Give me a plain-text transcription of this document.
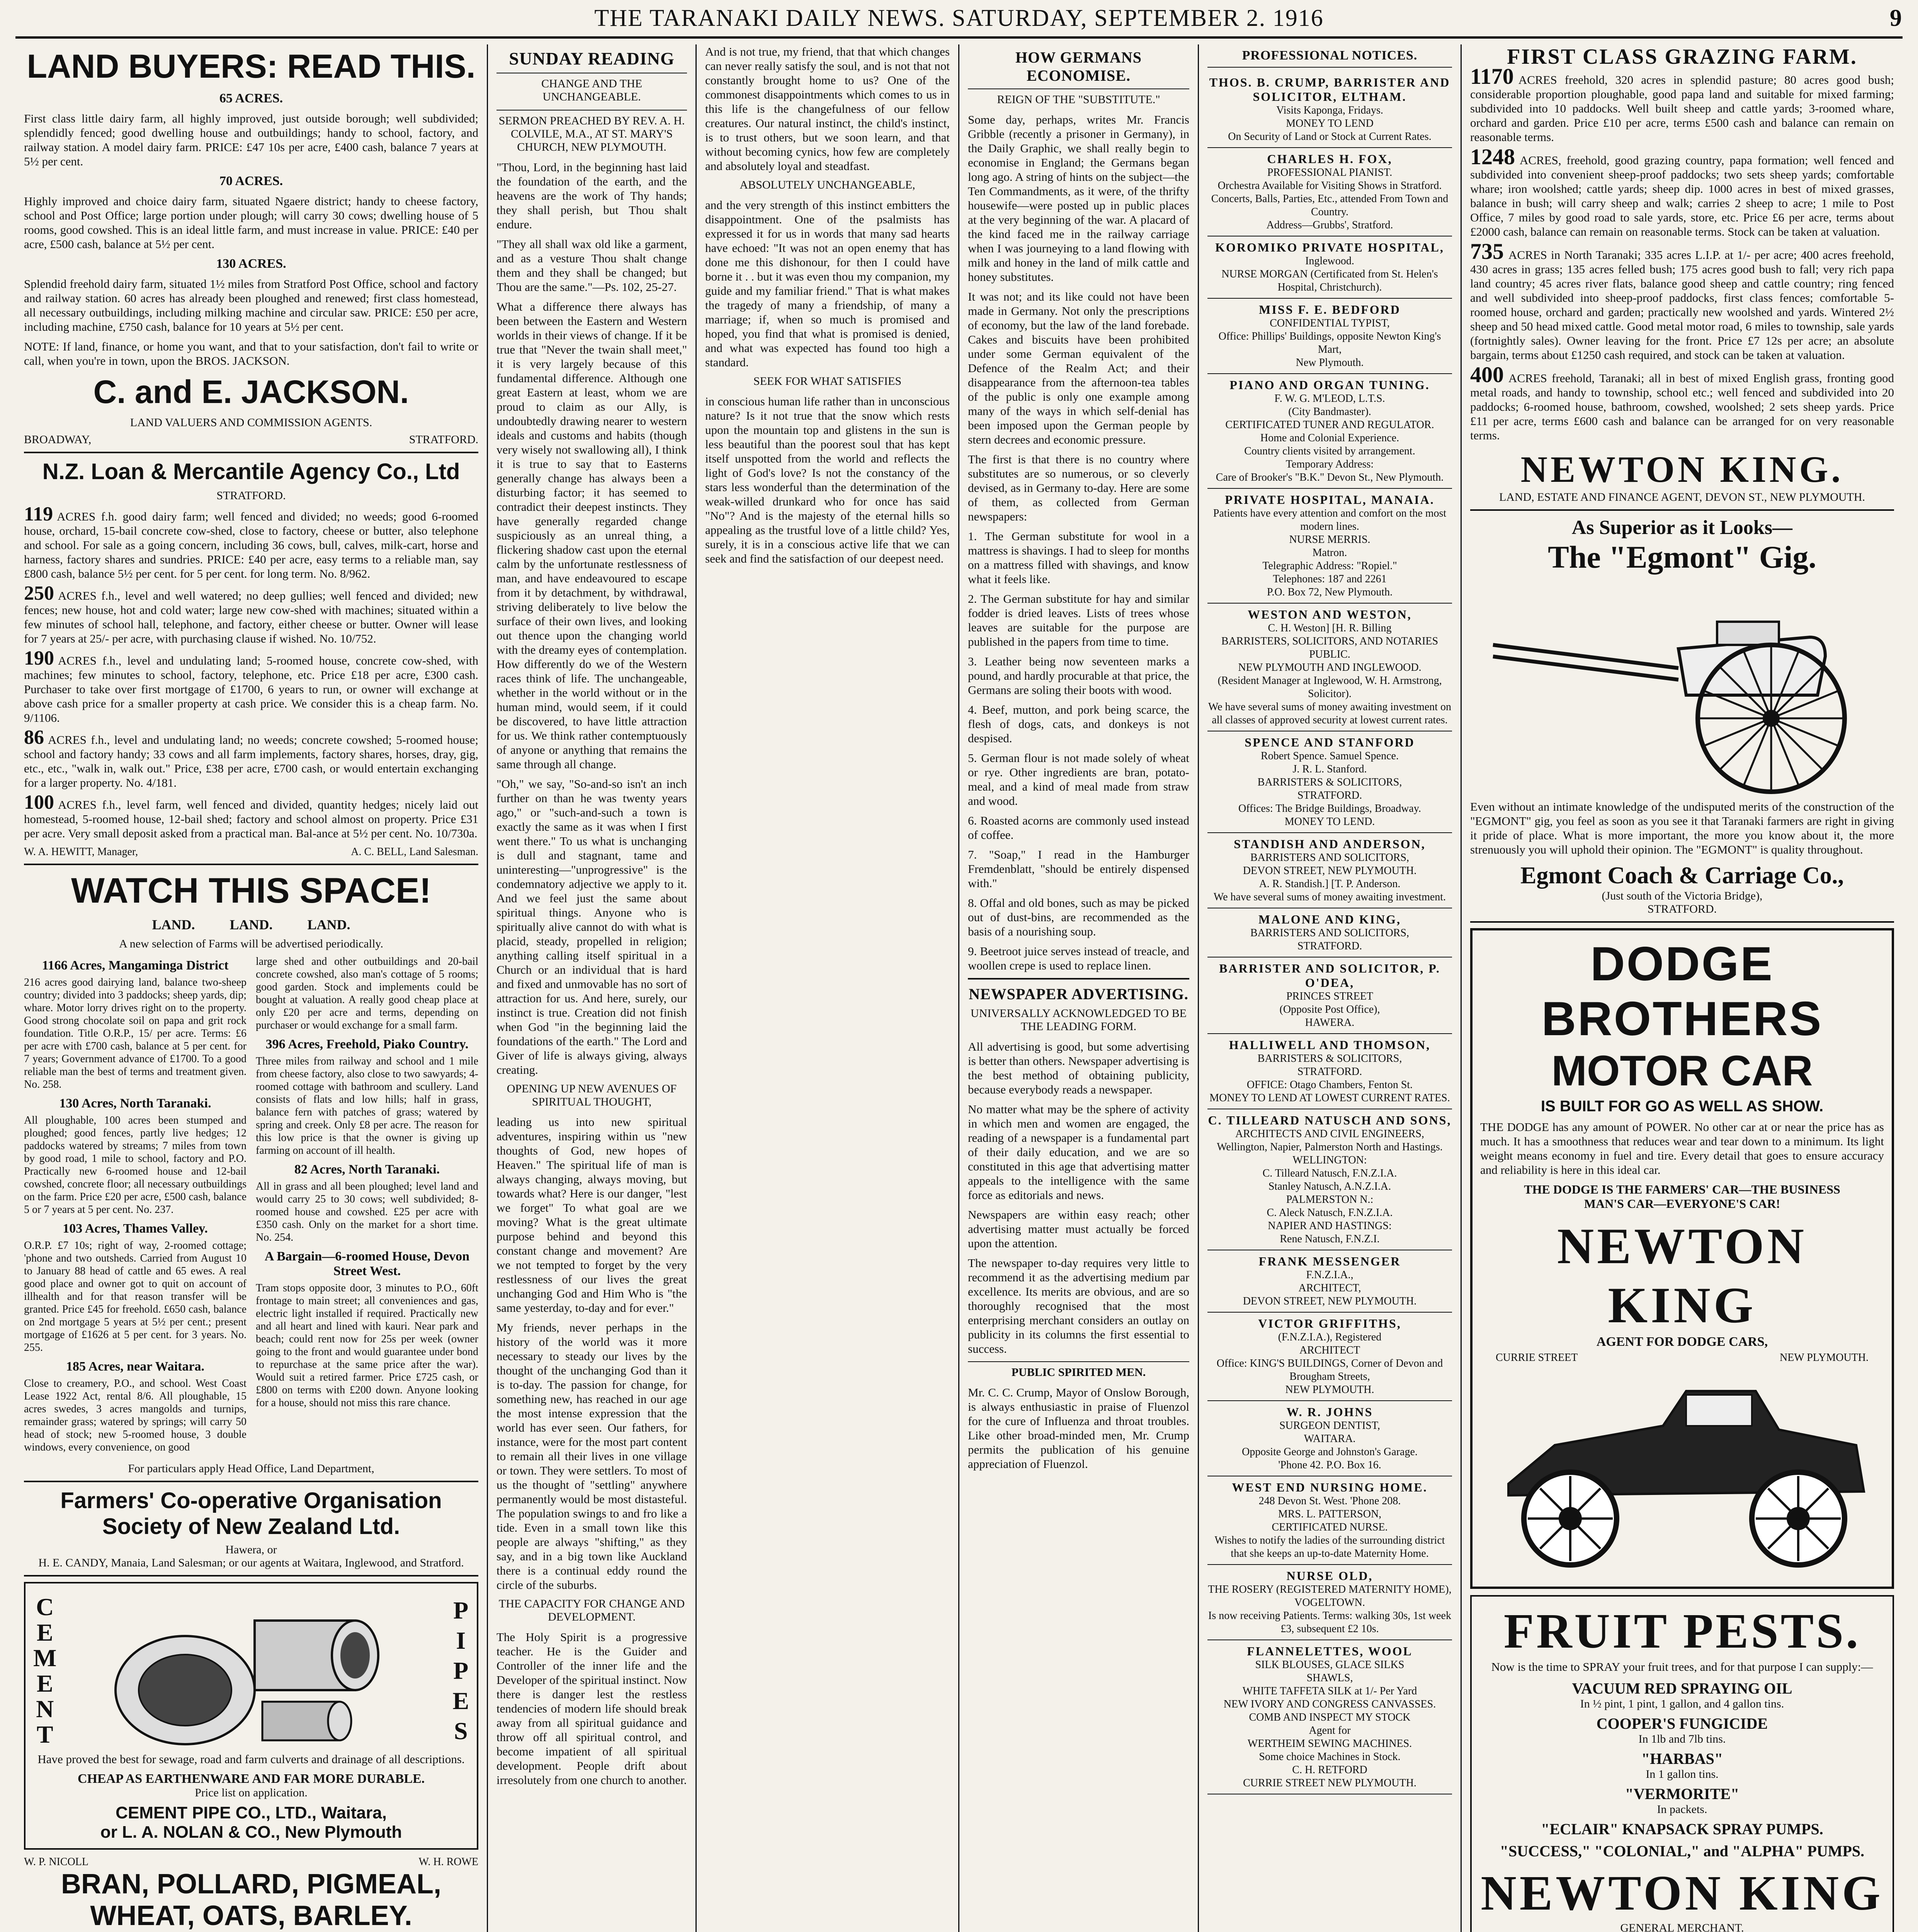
THE TARANAKI DAILY NEWS. SATURDAY, SEPTEMBER 2. 1916	9
LAND BUYERS: READ THIS.
65 ACRES.

First class little dairy farm, all highly improved, just outside borough; well subdivided; splendidly fenced; good dwelling house and outbuildings; handy to school, factory, and railway station. A model dairy farm. PRICE: £47 10s per acre, £400 cash, balance 7 years at 5½ per cent.

70 ACRES.

Highly improved and choice dairy farm, situated Ngaere district; handy to cheese factory, school and Post Office; large portion under plough; will carry 30 cows; dwelling house of 5 rooms, good cowshed. This is an ideal little farm, and must increase in value. PRICE: £40 per acre, £500 cash, balance at 5½ per cent.

130 ACRES.

Splendid freehold dairy farm, situated 1½ miles from Stratford Post Office, school and factory and railway station. 60 acres has already been ploughed and renewed; first class homestead, all necessary outbuildings, including milking machine and circular saw. PRICE: £50 per acre, including machine, £750 cash, balance for 10 years at 5½ per cent.

NOTE: If land, finance, or home you want, and that to your satisfaction, don't fail to write or call, when you're in town, upon the BROS. JACKSON.

C. and E. JACKSON.
LAND VALUERS AND COMMISSION AGENTS.
BROADWAY,	STRATFORD.
N.Z. Loan & Mercantile Agency Co., Ltd
STRATFORD.

119 ACRES f.h. good dairy farm; well fenced and divided; no weeds; good 6-roomed house, orchard, 15-bail concrete cow-shed, close to factory, cheese or butter, also telephone and school. For sale as a going concern, including 36 cows, bull, calves, milk-cart, horse and harness, factory shares and sundries. PRICE: £40 per acre, easy terms to a reliable man, say £800 cash, balance 5½ per cent. for 5 per cent. for long term. No. 8/962.

250 ACRES f.h., level and well watered; no deep gullies; well fenced and divided; new fences; new house, hot and cold water; large new cow-shed with machines; situated within a few minutes of school hall, telephone, and factory, either cheese or butter. Owner will lease for 7 years at 25/- per acre, with purchasing clause if wished. No. 10/752.

190 ACRES f.h., level and undulating land; 5-roomed house, concrete cow-shed, with machines; few minutes to school, factory, telephone, etc. Price £18 per acre, £300 cash. Purchaser to take over first mortgage of £1700, 6 years to run, or owner will exchange at above cash price for a smaller property at cash price. We consider this is a cheap farm. No. 9/1106.

86 ACRES f.h., level and undulating land; no weeds; concrete cowshed; 5-roomed house; school and factory handy; 33 cows and all farm implements, factory shares, horses, dray, gig, etc., etc., "walk in, walk out." Price, £38 per acre, £700 cash, or would entertain exchanging for a larger property. No. 4/181.

100 ACRES f.h., level farm, well fenced and divided, quantity hedges; nicely laid out homestead, 5-roomed house, 12-bail shed; factory and school almost on property. Price £31 per acre. Very small deposit asked from a practical man. Bal-ance at 5½ per cent. No. 10/730a.

W. A. HEWITT, Manager,	A. C. BELL, Land Salesman.
WATCH THIS SPACE!
LAND.          LAND.          LAND.
A new selection of Farms will be advertised periodically.
1166 Acres, Mangaminga District

216 acres good dairying land, balance two-sheep country; divided into 3 paddocks; sheep yards, dip; whare. Motor lorry drives right on to the property. Good strong chocolate soil on papa and grit rock foundation. Title O.R.P., 15/ per acre. Terms: £6 per acre with £700 cash, balance at 5 per cent. for 7 years; Government advance of £1700. To a good reliable man the best of terms and treatment given. No. 258.

130 Acres, North Taranaki.

All ploughable, 100 acres been stumped and ploughed; good fences, partly live hedges; 12 paddocks watered by streams; 7 miles from town by good road, 1 mile to school, factory and P.O. Practically new 6-roomed house and 12-bail cowshed, concrete floor; all necessary outbuildings on the farm. Price £20 per acre, £500 cash, balance 5 or 7 years at 5 per cent. No. 237.

103 Acres, Thames Valley.

O.R.P. £7 10s; right of way, 2-roomed cottage; 'phone and two outsheds. Carried from August 10 to January 88 head of cattle and 65 ewes. A real good place and owner got to quit on account of illhealth and for that reason transfer will be granted. Price £45 for freehold. £650 cash, balance on 2nd mortgage 5 years at 5½ per cent.; present mortgage of £1626 at 5 per cent. for 3 years. No. 255.

185 Acres, near Waitara.

Close to creamery, P.O., and school. West Coast Lease 1922 Act, rental 8/6. All ploughable, 15 acres swedes, 3 acres mangolds and turnips, remainder grass; watered by springs; will carry 50 head of stock; new 5-roomed house, 3 double windows, every convenience, on good

large shed and other outbuildings and 20-bail concrete cowshed, also man's cottage of 5 rooms; good garden. Stock and implements could be bought at valuation. A really good cheap place at only £20 per acre and terms, depending on purchaser or would exchange for a small farm.

396 Acres, Freehold, Piako Country.

Three miles from railway and school and 1 mile from cheese factory, also close to two sawyards; 4-roomed cottage with bathroom and scullery. Land consists of flats and low hills; half in grass, balance fern with patches of grass; watered by spring and creek. Only £8 per acre. The reason for this low price is that the owner is giving up farming on account of ill health.

82 Acres, North Taranaki.

All in grass and all been ploughed; level land and would carry 25 to 30 cows; well subdivided; 8-roomed house and cowshed. £25 per acre with £350 cash. Only on the market for a short time. No. 254.

A Bargain—6-roomed House, Devon Street West.

Tram stops opposite door, 3 minutes to P.O., 60ft frontage to main street; all conveniences and gas, electric light installed if required. Practically new and all heart and lined with kauri. Near park and beach; could rent now for 25s per week (owner going to the front and would guarantee under bond to repurchase at the same price after the war). Would suit a retired farmer. Price £725 cash, or £800 on terms with £200 down. Anyone looking for a house, should not miss this rare chance.

For particulars apply Head Office, Land Department,
Farmers' Co-operative Organisation
Society of New Zealand Ltd.
Hawera, or
H. E. CANDY, Manaia, Land Salesman; or our agents at Waitara, Inglewood, and Stratford.
C
E
M
E
N
T
P
I
P
E
S

Have proved the best for sewage, road and farm culverts and drainage of all descriptions.

CHEAP AS EARTHENWARE AND FAR MORE DURABLE.
Price list on application.
CEMENT PIPE CO., LTD., Waitara,
or L. A. NOLAN & CO., New Plymouth
W. P. NICOLL	W. H. ROWE
BRAN, POLLARD, PIGMEAL,
WHEAT, OATS, BARLEY.
SUNDAY READING
CHANGE AND THE UNCHANGEABLE.
SERMON PREACHED BY REV. A. H. COLVILE, M.A., AT ST. MARY'S CHURCH, NEW PLYMOUTH.

"Thou, Lord, in the beginning hast laid the foundation of the earth, and the heavens are the work of Thy hands; they shall perish, but Thou shalt endure.

"They all shall wax old like a garment, and as a vesture Thou shalt change them and they shall be changed; but Thou are the same."—Ps. 102, 25-27.

What a difference there always has been between the Eastern and Western worlds in their views of change. If it be true that "Never the twain shall meet," it is very largely because of this fundamental difference. Although one great Eastern at least, whom we are proud to claim as our Ally, is undoubtedly drawing nearer to western ideals and customs and habits (though very wisely not swallowing all), I think it is true to say that to Easterns generally change has always been a disturbing factor; it has seemed to contradict their deepest instincts. They have generally regarded change suspiciously as an unreal thing, a flickering shadow cast upon the eternal calm by the unfortunate restlessness of man, and have endeavoured to escape from it by detachment, by withdrawal, striving deliberately to live below the surface of their own lives, and looking out thence upon the changing world with the dreamy eyes of contemplation. How differently do we of the Western races think of life. The unchangeable, whether in the world without or in the human mind, would seem, if it could be discovered, to have little attraction for us. We think rather contemptuously of anyone or anything that remains the same through all change.

"Oh," we say, "So-and-so isn't an inch further on than he was twenty years ago," or "such-and-such a town is exactly the same as it was when I first went there." To us what is unchanging is dull and stagnant, tame and uninteresting—"unprogressive" is the condemnatory adjective we apply to it. And we feel just the same about spiritual things. Anyone who is spiritually alive cannot do with what is placid, steady, propelled in religion; anything calling itself spiritual in a Church or an individual that is hard and fixed and unmovable has no sort of attraction for us. And here, surely, our instinct is true. Creation did not finish when God "in the beginning laid the foundations of the earth." The Lord and Giver of life is always giving, always creating.

OPENING UP NEW AVENUES OF SPIRITUAL THOUGHT,

leading us into new spiritual adventures, inspiring within us "new thoughts of God, new hopes of Heaven." The spiritual life of man is always changing, always moving, but towards what? Here is our danger, "lest we forget" To what goal are we moving? What is the great ultimate purpose behind and beyond this constant change and movement? Are we not tempted to forget by the very restlessness of our lives the great unchanging God and Him Who is "the same yesterday, to-day and for ever."

My friends, never perhaps in the history of the world was it more necessary to steady our lives by the thought of the unchanging God than it is to-day. The passion for change, for something new, has reached in our age the most intense expression that the world has ever seen. Our fathers, for instance, were for the most part content to remain all their lives in one village or town. They were settlers. To most of us the thought of "settling" anywhere permanently would be most distasteful. The population swings to and fro like a tide. Even in a small town like this people are always "shifting," as they say, and in a big town like Auckland there is a continual eddy round the circle of the suburbs.

THE CAPACITY FOR CHANGE AND DEVELOPMENT.

The Holy Spirit is a progressive teacher. He is the Guider and Controller of the inner life and the Developer of the spiritual instinct. Now there is danger lest the restless tendencies of modern life should break away from all spiritual guidance and throw off all spiritual control, and become impatient of all spiritual development. People drift about irresolutely from one church to another.

And is not true, my friend, that that which changes can never really satisfy the soul, and is not that not constantly brought home to us? One of the commonest disappointments which comes to us in this life is the changefulness of our fellow creatures. Our natural instinct, the child's instinct, is to trust others, but we soon learn, and that without becoming cynics, how few are completely and absolutely loyal and steadfast.

ABSOLUTELY UNCHANGEABLE,

and the very strength of this instinct embitters the disappointment. One of the psalmists has expressed it for us in words that many sad hearts have echoed: "It was not an open enemy that has done me this dishonour, for then I could have borne it . . but it was even thou my companion, my guide and my familiar friend." That is what makes the tragedy of many a friendship, of many a marriage; if, when so much is promised and hoped, you find that what is promised is denied, and what was expected has found too high a standard.

SEEK FOR WHAT SATISFIES

in conscious human life rather than in unconscious nature? Is it not true that the snow which rests upon the mountain top and glistens in the sun is less beautiful than the poorest soul that has kept itself unspotted from the world and reflects the light of God's love? Is not the constancy of the stars less wonderful than the determination of the weak-willed drunkard who for once has said "No"? And is the majesty of the eternal hills so appealing as the trustful love of a little child? Yes, surely, it is in a conscious active life that we can seek and find the satisfaction of our deepest need.

HOW GERMANS ECONOMISE.
REIGN OF THE "SUBSTITUTE."

Some day, perhaps, writes Mr. Francis Gribble (recently a prisoner in Germany), in the Daily Graphic, we shall really begin to economise in England; the Germans began long ago. A string of hints on the subject—the Ten Commandments, as it were, of the thrifty housewife—were posted up in public places at the very beginning of the war. A placard of the kind faced me in the railway carriage when I was journeying to a land flowing with milk and honey in the land of milk cattle and honey substitutes.

It was not; and its like could not have been made in Germany. Not only the prescriptions of economy, but the law of the land forebade. Cakes and biscuits have been prohibited under some German equivalent of the Defence of the Realm Act; and their disappearance from the afternoon-tea tables of the public is only one example among many of the ways in which self-denial has been imposed upon the German people by stern decrees and economic pressure.

The first is that there is no country where substitutes are so numerous, or so cleverly devised, as in Germany to-day. Here are some of them, as collected from German newspapers:

1. The German substitute for wool in a mattress is shavings. I had to sleep for months on a mattress filled with shavings, and know what it feels like.

2. The German substitute for hay and similar fodder is dried leaves. Lists of trees whose leaves are suitable for the purpose are published in the papers from time to time.

3. Leather being now seventeen marks a pound, and hardly procurable at that price, the Germans are soling their boots with wood.

4. Beef, mutton, and pork being scarce, the flesh of dogs, cats, and donkeys is not despised.

5. German flour is not made solely of wheat or rye. Other ingredients are bran, potato-meal, and a kind of meal made from straw and wood.

6. Roasted acorns are commonly used instead of coffee.

7. "Soap," I read in the Hamburger Fremdenblatt, "should be entirely dispensed with."

8. Offal and old bones, such as may be picked out of dust-bins, are recommended as the basis of a nourishing soup.

9. Beetroot juice serves instead of treacle, and woollen crepe is used to replace linen.

NEWSPAPER ADVERTISING.
UNIVERSALLY ACKNOWLEDGED TO BE THE LEADING FORM.

All advertising is good, but some advertising is better than others. Newspaper advertising is the best method of obtaining publicity, because everybody reads a newspaper.

No matter what may be the sphere of activity in which men and women are engaged, the reading of a newspaper is a fundamental part of their daily education, and we are so constituted in this age that advertising matter appeals to the intelligence with the same force as editorials and news.

Newspapers are within easy reach; other advertising matter must actually be forced upon the attention.

The newspaper to-day requires very little to recommend it as the advertising medium par excellence. Its merits are obvious, and are so thoroughly recognised that the most enterprising merchant considers an outlay on publicity in its columns the first essential to success.

PUBLIC SPIRITED MEN.

Mr. C. C. Crump, Mayor of Onslow Borough, is always enthusiastic in praise of Fluenzol for the cure of Influenza and throat troubles. Like other broad-minded men, Mr. Crump permits the publication of his genuine appreciation of Fluenzol.

PROFESSIONAL NOTICES.
THOS. B. CRUMP, BARRISTER AND SOLICITOR, ELTHAM.
Visits Kaponga, Fridays.
MONEY TO LEND
On Security of Land or Stock at Current Rates.
CHARLES H. FOX,
PROFESSIONAL PIANIST.
Orchestra Available for Visiting Shows in Stratford.
Concerts, Balls, Parties, Etc., attended From Town and Country.
Address—Grubbs', Stratford.
KOROMIKO PRIVATE HOSPITAL,
Inglewood.
NURSE MORGAN (Certificated from St. Helen's Hospital, Christchurch).
MISS F. E. BEDFORD
CONFIDENTIAL TYPIST,
Office: Phillips' Buildings, opposite Newton King's Mart,
New Plymouth.
PIANO AND ORGAN TUNING.
F. W. G. M'LEOD, L.T.S.
(City Bandmaster).
CERTIFICATED TUNER AND REGULATOR.
Home and Colonial Experience.
Country clients visited by arrangement.
Temporary Address:
Care of Brooker's "B.K." Devon St., New Plymouth.
PRIVATE HOSPITAL, MANAIA.
Patients have every attention and comfort on the most modern lines.
NURSE MERRIS.
Matron.
Telegraphic Address: "Ropiel."
Telephones: 187 and 2261
P.O. Box 72, New Plymouth.
WESTON AND WESTON,
C. H. Weston] [H. R. Billing
BARRISTERS, SOLICITORS, AND NOTARIES PUBLIC.
NEW PLYMOUTH AND INGLEWOOD.
(Resident Manager at Inglewood, W. H. Armstrong, Solicitor).
We have several sums of money awaiting investment on all classes of approved security at lowest current rates.
SPENCE AND STANFORD
Robert Spence. Samuel Spence.
J. R. L. Stanford.
BARRISTERS & SOLICITORS,
STRATFORD.
Offices: The Bridge Buildings, Broadway.
MONEY TO LEND.
STANDISH AND ANDERSON,
BARRISTERS AND SOLICITORS,
DEVON STREET, NEW PLYMOUTH.
A. R. Standish.] [T. P. Anderson.
We have several sums of money awaiting investment.
MALONE AND KING,
BARRISTERS AND SOLICITORS,
STRATFORD.
BARRISTER AND SOLICITOR, P. O'DEA,
PRINCES STREET
(Opposite Post Office),
HAWERA.
HALLIWELL AND THOMSON,
BARRISTERS & SOLICITORS,
STRATFORD.
OFFICE: Otago Chambers, Fenton St.
MONEY TO LEND AT LOWEST CURRENT RATES.
C. TILLEARD NATUSCH AND SONS,
ARCHITECTS AND CIVIL ENGINEERS,
Wellington, Napier, Palmerston North and Hastings.
WELLINGTON:
C. Tilleard Natusch, F.N.Z.I.A.
Stanley Natusch, A.N.Z.I.A.
PALMERSTON N.:
C. Aleck Natusch, F.N.Z.I.A.
NAPIER AND HASTINGS:
Rene Natusch, F.N.Z.I.
FRANK MESSENGER
F.N.Z.I.A.,
ARCHITECT,
DEVON STREET, NEW PLYMOUTH.
VICTOR GRIFFITHS,
(F.N.Z.I.A.), Registered
ARCHITECT
Office: KING'S BUILDINGS, Corner of Devon and Brougham Streets,
NEW PLYMOUTH.
W. R. JOHNS
SURGEON DENTIST,
WAITARA.
Opposite George and Johnston's Garage.
'Phone 42. P.O. Box 16.
WEST END NURSING HOME.
248 Devon St. West. 'Phone 208.
MRS. L. PATTERSON,
CERTIFICATED NURSE.
Wishes to notify the ladies of the surrounding district that she keeps an up-to-date Maternity Home.
NURSE OLD,
THE ROSERY (REGISTERED MATERNITY HOME), VOGELTOWN.
Is now receiving Patients. Terms: walking 30s, 1st week £3, subsequent £2 10s.
FLANNELETTES, WOOL
SILK BLOUSES, GLACE SILKS
SHAWLS,
WHITE TAFFETA SILK at 1/- Per Yard
NEW IVORY AND CONGRESS CANVASSES.
COMB AND INSPECT MY STOCK
Agent for
WERTHEIM SEWING MACHINES.
Some choice Machines in Stock.
C. H. RETFORD
CURRIE STREET NEW PLYMOUTH.
FIRST CLASS GRAZING FARM.

1170 ACRES freehold, 320 acres in splendid pasture; 80 acres good bush; considerable proportion ploughable, good papa land and suitable for mixed farming; subdivided into 10 paddocks. Well built sheep and cattle yards; 3-roomed whare, orchard and garden. Price £10 per acre, terms £500 cash and balance can remain on reasonable terms.

1248 ACRES, freehold, good grazing country, papa formation; well fenced and subdivided into convenient sheep-proof paddocks; two sets sheep yards; comfortable whare; iron woolshed; cattle yards; sheep dip. 1000 acres in best of mixed grasses, balance in bush; will carry sheep and walk; carries 2 sheep to acre; 1 mile to Post Office, 7 miles by good road to sale yards, store, etc. Price £6 per acre, terms about £2000 cash, balance can remain on reasonable terms. Stock can be taken at valuation.

735 ACRES in North Taranaki; 335 acres L.I.P. at 1/- per acre; 400 acres freehold, 430 acres in grass; 135 acres felled bush; 175 acres good bush to fall; very rich papa land country; 45 acres river flats, balance good sheep and cattle country; ring fenced and well subdivided into sheep-proof paddocks, first class fences; comfortable 5-roomed house, orchard and garden; practically new woolshed and yards. Wintered 2½ sheep and 50 head mixed cattle. Good metal motor road, 6 miles to township, sale yards (fortnightly sales). Owner leaving for the front. Price £7 12s per acre; an absolute bargain, terms about £1250 cash required, and stock can be taken at valuation.

400 ACRES freehold, Taranaki; all in best of mixed English grass, fronting good metal roads, and handy to township, school etc.; well fenced and subdivided into 20 paddocks; 6-roomed house, bathroom, cowshed, woolshed; 2 sets sheep yards. Price £11 per acre, terms £600 cash and balance can be arranged for on very reasonable terms.

NEWTON KING.
LAND, ESTATE AND FINANCE AGENT, DEVON ST., NEW PLYMOUTH.
As Superior as it Looks—
The "Egmont" Gig.

Even without an intimate knowledge of the undisputed merits of the construction of the "EGMONT" gig, you feel as soon as you see it that Taranaki farmers are right in giving it pride of place. What is more important, the more you know about it, the more strenuously you will uphold their opinion. The "EGMONT" is quality throughout.

Egmont Coach & Carriage Co.,
(Just south of the Victoria Bridge),
STRATFORD.
DODGE BROTHERS
MOTOR CAR
IS BUILT FOR GO AS WELL AS SHOW.

THE DODGE has any amount of POWER. No other car at or near the price has as much. It has a smoothness that reduces wear and tear down to a minimum. Its light weight means economy in fuel and tire. Every detail that goes to ensure accuracy and reliability is here in this ideal car.

THE DODGE IS THE FARMERS' CAR—THE BUSINESS
MAN'S CAR—EVERYONE'S CAR!
NEWTON KING
AGENT FOR DODGE CARS,
CURRIE STREET	NEW PLYMOUTH.
FRUIT PESTS.

Now is the time to SPRAY your fruit trees, and for that purpose I can supply:—

VACUUM RED SPRAYING OIL
In ½ pint, 1 pint, 1 gallon, and 4 gallon tins.
COOPER'S FUNGICIDE
In 1lb and 7lb tins.
"HARBAS"
In 1 gallon tins.
"VERMORITE"
In packets.
"ECLAIR" KNAPSACK SPRAY PUMPS.
"SUCCESS," "COLONIAL," and "ALPHA" PUMPS.
NEWTON KING
GENERAL MERCHANT.
